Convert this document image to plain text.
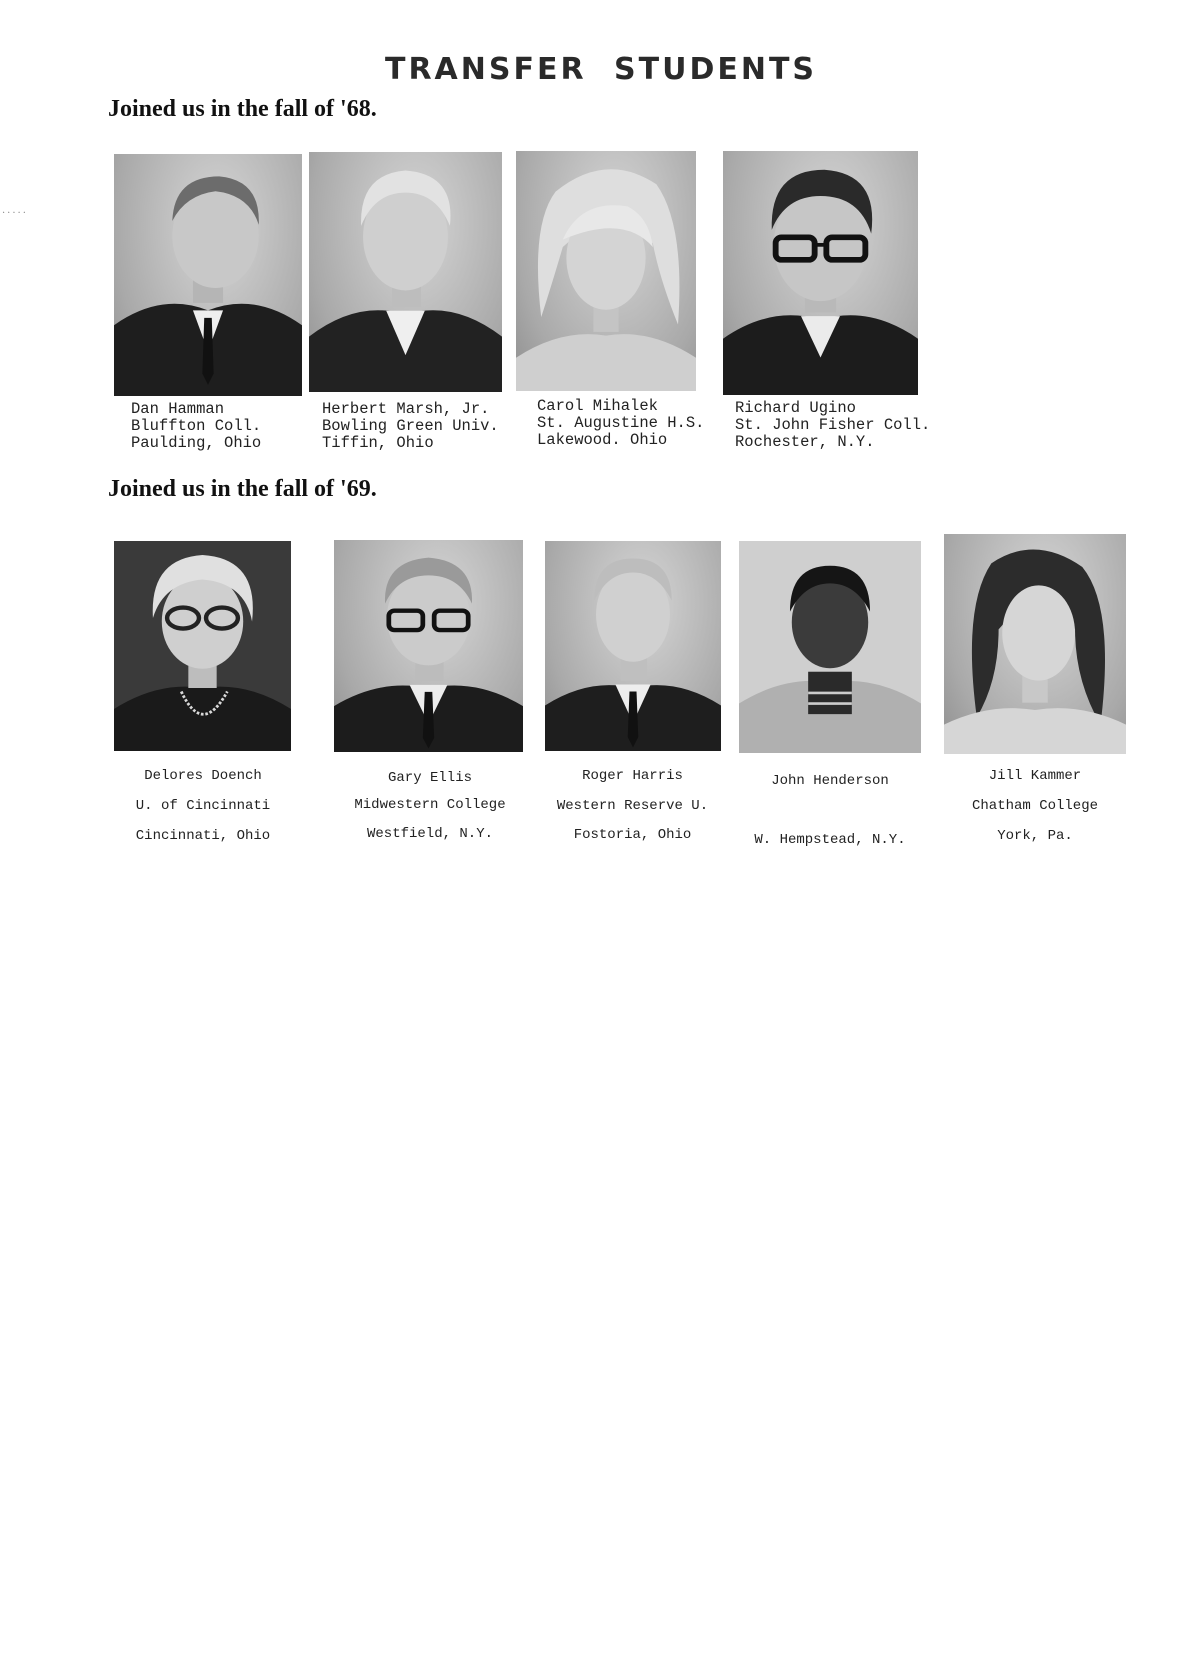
.....
TRANSFER STUDENTS
Joined us in the fall of '68.
Dan Hamman
Bluffton Coll.
Paulding, Ohio
Herbert Marsh, Jr.
Bowling Green Univ.
Tiffin, Ohio
Carol Mihalek
St. Augustine H.S.
Lakewood. Ohio
Richard Ugino
St. John Fisher Coll.
Rochester, N.Y.
Joined us in the fall of '69.
Delores Doench
U. of Cincinnati
Cincinnati, Ohio
Gary Ellis
Midwestern College
Westfield, N.Y.
Roger Harris
Western Reserve U.
Fostoria, Ohio
John Henderson
W. Hempstead, N.Y.
Jill Kammer
Chatham College
York, Pa.
